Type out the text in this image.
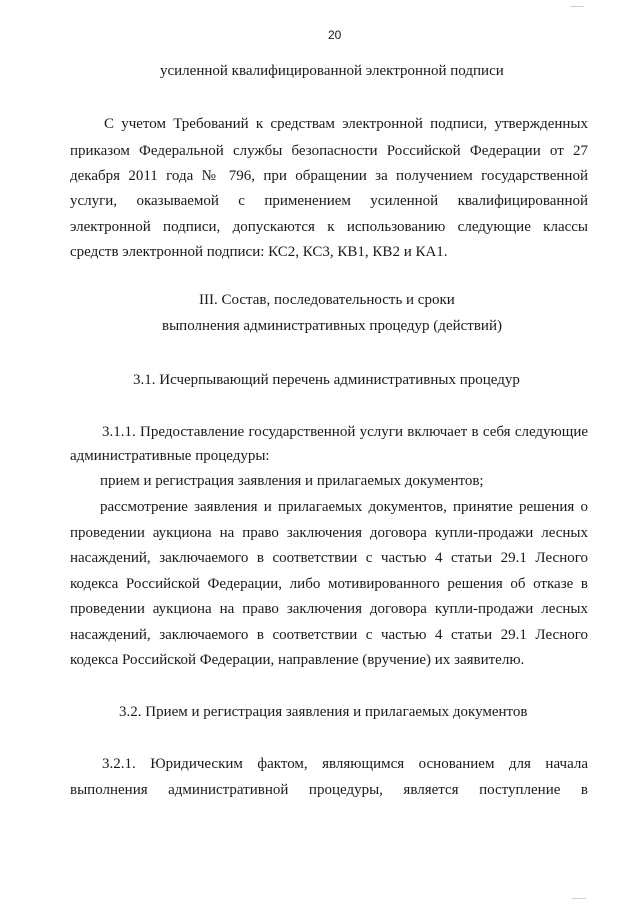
20
усиленной квалифицированной электронной подписи
С учетом Требований к средствам электронной подписи, утвержденных
приказом Федеральной службы безопасности Российской Федерации от 27
декабря 2011 года № 796, при обращении за получением государственной
услуги, оказываемой с применением усиленной квалифицированной
электронной подписи, допускаются к использованию следующие классы
средств электронной подписи: КС2, КС3, КВ1, КВ2 и КА1.
III. Состав, последовательность и сроки
выполнения административных процедур (действий)
3.1. Исчерпывающий перечень административных процедур
3.1.1. Предоставление государственной услуги включает в себя следующие
административные процедуры:
прием и регистрация заявления и прилагаемых документов;
рассмотрение заявления и прилагаемых документов, принятие решения о
проведении аукциона на право заключения договора купли-продажи лесных
насаждений, заключаемого в соответствии с частью 4 статьи 29.1 Лесного
кодекса Российской Федерации, либо мотивированного решения об отказе в
проведении аукциона на право заключения договора купли-продажи лесных
насаждений, заключаемого в соответствии с частью 4 статьи 29.1 Лесного
кодекса Российской Федерации, направление (вручение) их заявителю.
3.2. Прием и регистрация заявления и прилагаемых документов
3.2.1. Юридическим фактом, являющимся основанием для начала
выполнения административной процедуры, является поступление в
